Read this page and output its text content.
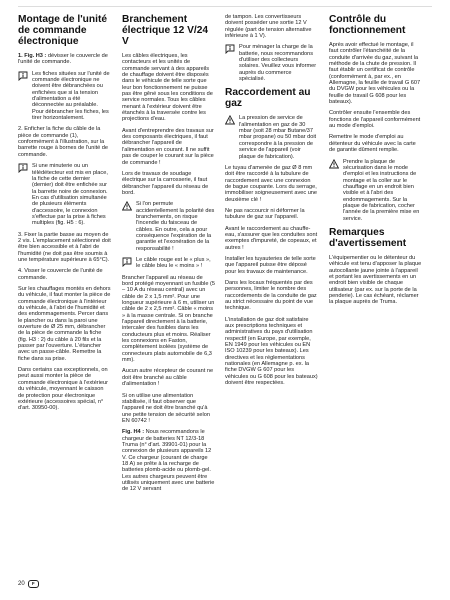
Montage de l'unité de commande électronique

1. Fig. H3 : dévisser le couvercle de l'unité de commande.

Les fiches situées sur l'unité de commande électronique ne doivent être débranchées ou enfichées que si la tension d'alimentation a été déconnectée au préalable. Pour débrancher les fiches, les tirer horizontalement.

2. Enficher la fiche du câble de la pièce de commande (1), conformément à l'illustration, sur la barrette rouge à bornes de l'unité de commande.

Si une minuterie ou un télédétecteur est mis en place, la fiche de cette dernier (dernier) doit être enfichée sur la barrette noire de connexion. En cas d'utilisation simultanée de plusieurs éléments d'accessoire, le connexion s'effectue par la prise à fiches multiples (fig. H5 : 6).

3. Fixer la partie basse au moyen de 2 vis. L'emplacement sélectionné doit être bien accessible et à l'abri de l'humidité (ne doit pas être soumis à une température supérieure à 65°C).

4. Visser le couvercle de l'unité de commande.

Sur les chauffages montés en dehors du véhicule, il faut monter la pièce de commande électronique à l'intérieur du véhicule, à l'abri de l'humidité et des endommagements. Percer dans le plancher ou dans la paroi une ouverture de Ø 25 mm, débrancher de la pièce de commande la fiche (fig. H3 : 2) du câble à 20 fils et la passer par l'ouverture. L'étancher avec un passe-câble. Remettre la fiche dans sa prise.

Dans certains cas exceptionnels, on peut aussi monter la pièce de commande électronique à l'extérieur du véhicule, moyennant le caisson de protection pour électronique extérieure (accessoires spécial, n° d'art. 30950-00).

Branchement électrique 12 V/24 V

Les câbles électriques, les contacteurs et les unités de commande servant à des appareils de chauffage doivent être disposés dans le véhicule de telle sorte que leur bon fonctionnement ne puisse pas être gêné sous les conditions de service normales. Tous les câbles menant à l'extérieur doivent être étanchés à la traversée contre les projections d'eau.

Avant d'entreprendre des travaux sur des composants électriques, il faut débrancher l'appareil de l'alimentation en courant. Il ne suffit pas de couper le courant sur la pièce de commande !

Lors de travaux de soudage électrique sur la carrosserie, il faut débrancher l'appareil du réseau de bord.

Si l'on permute accidentellement la polarité des branchements, on risque l'incendie du faisceau de câbles. En outre, cela a pour conséquence l'expiration de la garantie et l'exonération de la responsabilité !

Le câble rouge est le « plus », le câble bleu le « moins » !

Brancher l'appareil au réseau de bord protégé moyennant un fusible (5 – 10 A du réseau central) avec un câble de 2 x 1,5 mm². Pour une longueur supérieure à 6 m, utiliser un câble de 2 x 2,5 mm². Câble « moins » à la masse centrale. Si on branche l'appareil directement à la batterie, intercaler des fusibles dans les conducteurs plus et moins. Réaliser les connexions en Faston, complètement isolées (système de connecteurs plats automobile de 6,3 mm).

Aucun autre récepteur de courant ne doit être branché au câble d'alimentation !

Si on utilise une alimentation stabilisée, il faut observer que l'appareil ne doit être branché qu'à une petite tension de sécurité selon EN 60742 !

Fig. H4 : Nous recommandons le chargeur de batteries NT 12/3-18 Truma (n° d'art. 39901-01) pour la connexion de plusieurs appareils 12 V. Ce chargeur (courant de charge 18 A) se prête à la recharge de batteries plomb-acide ou plomb-gel. Les autres chargeurs peuvent être utilisés uniquement avec une batterie de 12 V servant

de tampon. Les convertisseurs doivent posséder une sortie 12 V régulée (part de tension alternative inférieure à 1 V).

Pour ménager la charge de la batterie, nous recommandons d'utiliser des collecteurs solaires. Veuillez vous informer auprès du commerce spécialisé.

Raccordement au gaz

La pression de service de l'alimentation en gaz de 30 mbar (soit 28 mbar Butane/37 mbar propane) ou 50 mbar doit correspondre à la pression de service de l'appareil (voir plaque de fabrication).

Le tuyau d'amenée de gaz Ø 8 mm doit être raccordé à la tubulure de raccordement avec une connexion de bague coupante. Lors du serrage, immobiliser soigneusement avec une deuxième clé !

Ne pas raccourcir ni déformer la tubulure de gaz sur l'appareil.

Avant le raccordement au chauffe-eau, s'assurer que les conduites sont exemptes d'impureté, de copeaux, et autres !

Installer les tuyauteries de telle sorte que l'appareil puisse être déposé pour les travaux de maintenance.

Dans les locaux fréquentés par des personnes, limiter le nombre des raccordements de la conduite de gaz au strict nécessaire du point de vue technique.

L'installation de gaz doit satisfaire aux prescriptions techniques et administratives du pays d'utilisation respectif (en Europe, par exemple, EN 1949 pour les véhicules ou EN ISO 10239 pour les bateaux). Les directives et les réglementations nationales (en Allemagne p. ex. la fiche DVGW G 607 pour les véhicules ou G 608 pour les bateaux) doivent être respectées.

Contrôle du fonctionnement

Après avoir effectué le montage, il faut contrôler l'étanchéité de la conduite d'arrivée du gaz, suivant la méthode de la chute de pression. Il faut établir un certificat de contrôle (conformément à, par ex., en Allemagne, la feuille de travail G 607 du DVGW pour les véhicules ou la feuille de travail G 608 pour les bateaux).

Contrôler ensuite l'ensemble des fonctions de l'appareil conformément au mode d'emploi.

Remettre le mode d'emploi au détenteur du véhicule avec la carte de garantie dûment remplie.

Prendre la plaque de sécurisation dans le mode d'emploi et les instructions de montage et la coller sur le chauffage en un endroit bien visible et à l'abri des endommagements. Sur la plaque de fabrication, cocher l'année de la première mise en service.

Remarques d'avertissement

L'équipementier ou le détenteur du véhicule est tenu d'apposer la plaque autocollante jaune jointe à l'appareil et portant les avertissements en un endroit bien visible de chaque utilisateur (par ex. sur la porte de la penderie). Le cas échéant, réclamer la plaque auprès de Truma.

20	F
